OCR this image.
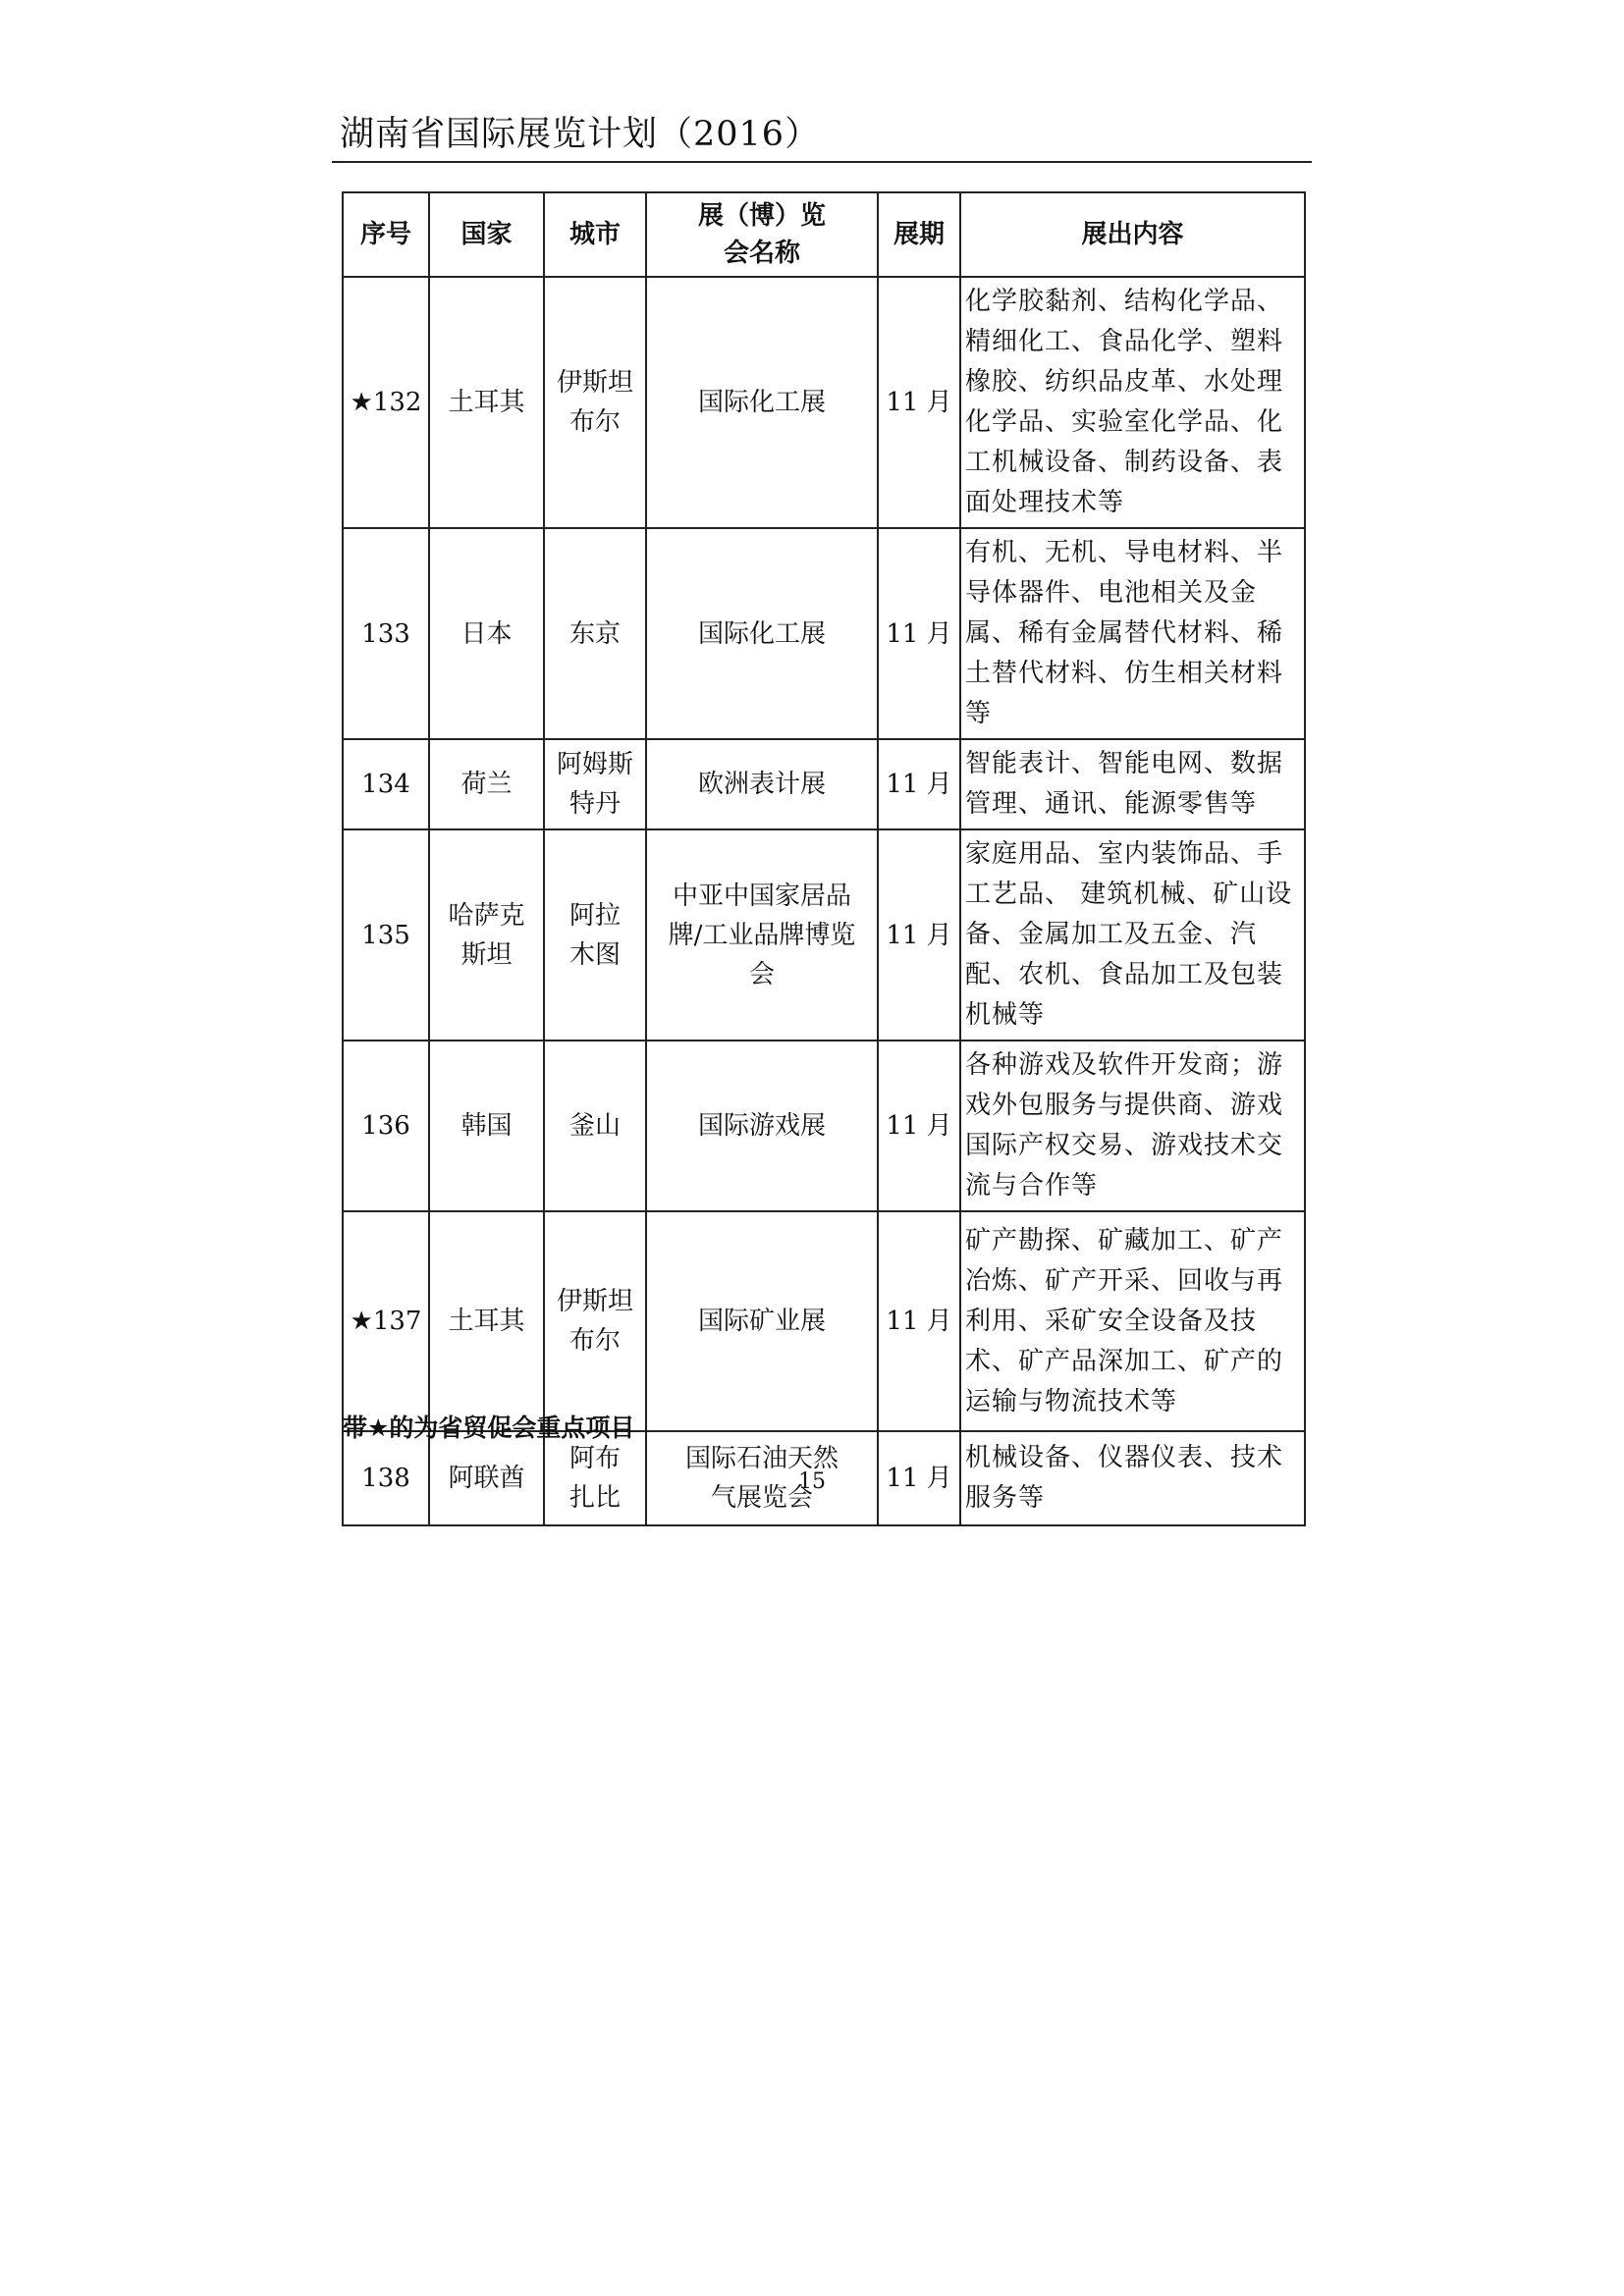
湖南省国际展览计划（2016）
序号	国家	城市	展（博）览会名称	展期	展出内容
★132	土耳其	伊斯坦布尔	国际化工展	11 月	化学胶黏剂、结构化学品、精细化工、食品化学、塑料橡胶、纺织品皮革、水处理化学品、实验室化学品、化工机械设备、制药设备、表面处理技术等
133	日本	东京	国际化工展	11 月	有机、无机、导电材料、半导体器件、电池相关及金属、稀有金属替代材料、稀土替代材料、仿生相关材料等
134	荷兰	阿姆斯特丹	欧洲表计展	11 月	智能表计、智能电网、数据管理、通讯、能源零售等
135	哈萨克斯坦	阿拉木图	中亚中国家居品牌/工业品牌博览会	11 月	家庭用品、室内装饰品、手工艺品、 建筑机械、矿山设备、金属加工及五金、汽配、农机、食品加工及包装机械等
136	韩国	釜山	国际游戏展	11 月	各种游戏及软件开发商；游戏外包服务与提供商、游戏国际产权交易、游戏技术交流与合作等
★137	土耳其	伊斯坦布尔	国际矿业展	11 月	矿产勘探、矿藏加工、矿产冶炼、矿产开采、回收与再利用、采矿安全设备及技术、矿产品深加工、矿产的运输与物流技术等
138	阿联酋	阿布扎比	国际石油天然气展览会	11 月	机械设备、仪器仪表、技术服务等
带★的为省贸促会重点项目
15
